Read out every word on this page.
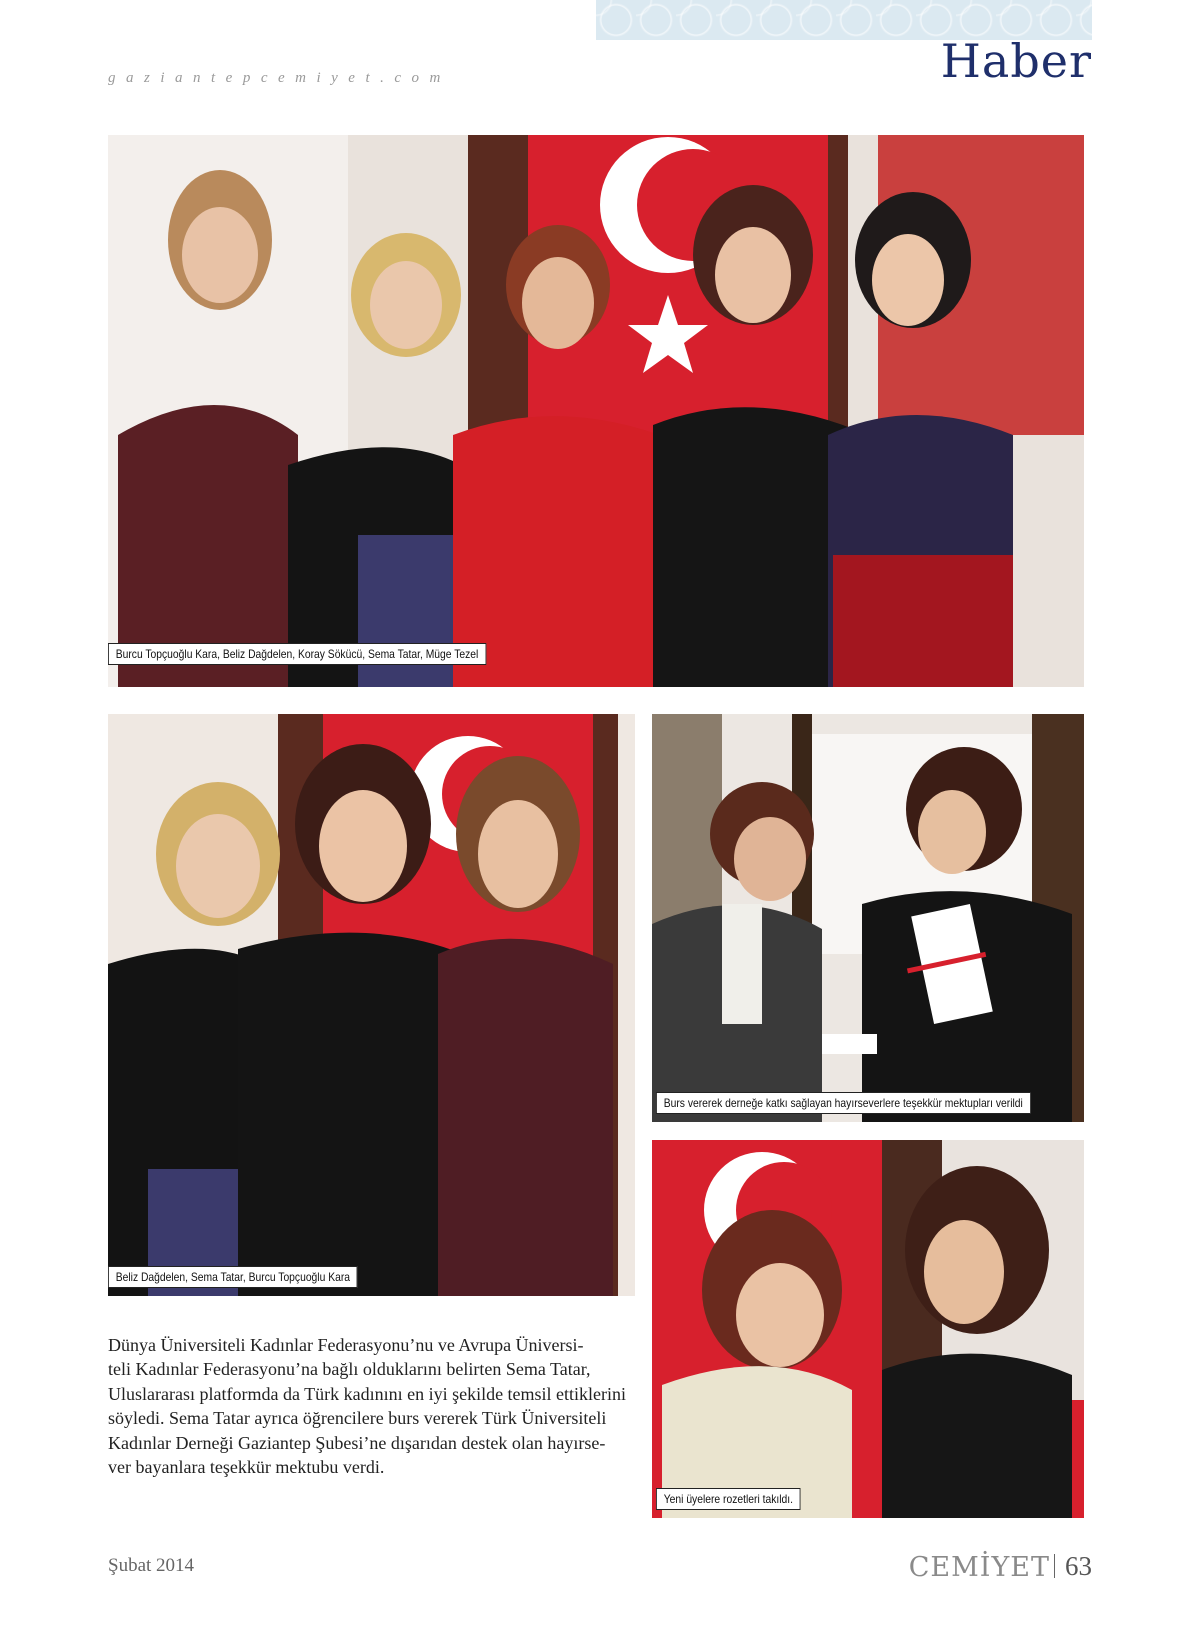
gaziantepcemiyet.com	Haber
Burcu Topçuoğlu Kara, Beliz Dağdelen, Koray Sökücü, Sema Tatar, Müge Tezel
Beliz Dağdelen, Sema Tatar, Burcu Topçuoğlu Kara
Burs vererek derneğe katkı sağlayan hayırseverlere teşekkür mektupları verildi
Yeni üyelere rozetleri takıldı.
Dünya Üniversiteli Kadınlar Federasyonu’nu ve Avrupa Üniversi-
teli Kadınlar Federasyonu’na bağlı olduklarını belirten Sema Tatar,
Uluslararası platformda da Türk kadınını en iyi şekilde temsil ettiklerini
söyledi. Sema Tatar ayrıca öğrencilere burs vererek Türk Üniversiteli
Kadınlar Derneği Gaziantep Şubesi’ne dışarıdan destek olan hayırse-
ver bayanlara teşekkür mektubu verdi.
Şubat 2014	CEMİYET 63
